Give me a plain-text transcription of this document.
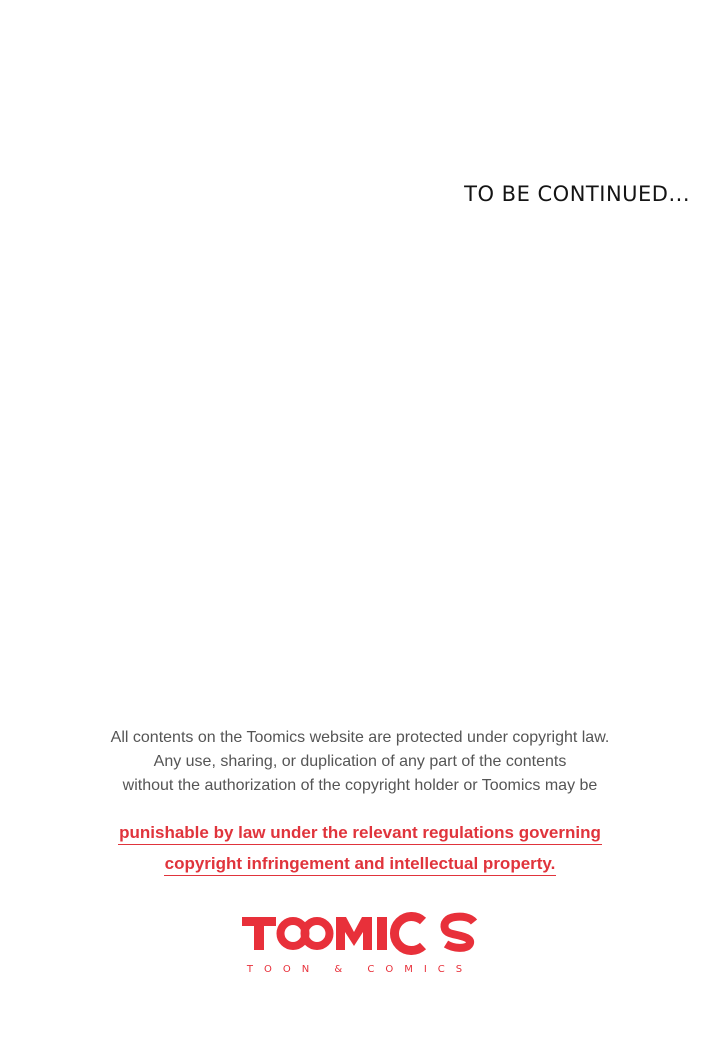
TO BE CONTINUED...

All contents on the Toomics website are protected under copyright law.

Any use, sharing, or duplication of any part of the contents

without the authorization of the copyright holder or Toomics may be

punishable by law under the relevant regulations governing
copyright infringement and intellectual property.
TOON & COMICS
